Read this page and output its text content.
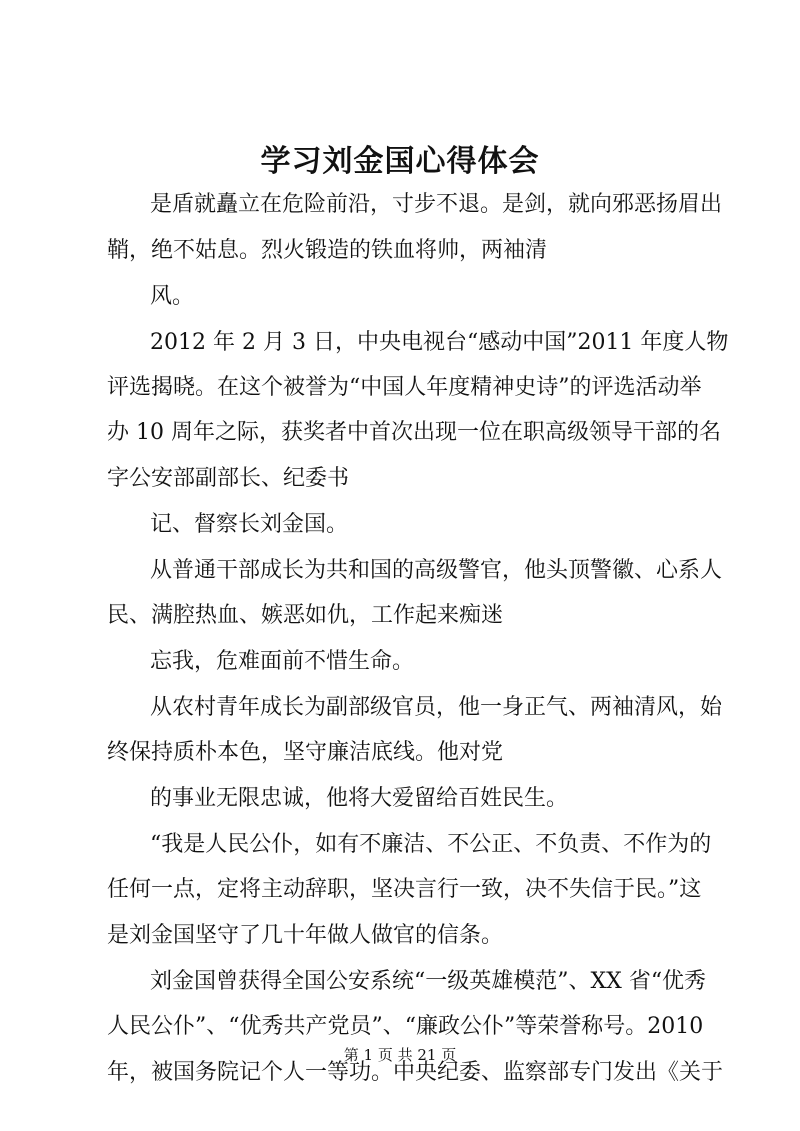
学习刘金国心得体会
是盾就矗立在危险前沿，寸步不退。是剑，就向邪恶扬眉出
鞘，绝不姑息。烈火锻造的铁血将帅，两袖清
风。
2012 年 2 月 3 日，中央电视台“感动中国”2011 年度人物
评选揭晓。在这个被誉为“中国人年度精神史诗”的评选活动举
办 10 周年之际，获奖者中首次出现一位在职高级领导干部的名
字公安部副部长、纪委书
记、督察长刘金国。
从普通干部成长为共和国的高级警官，他头顶警徽、心系人
民、满腔热血、嫉恶如仇，工作起来痴迷
忘我，危难面前不惜生命。
从农村青年成长为副部级官员，他一身正气、两袖清风，始
终保持质朴本色，坚守廉洁底线。他对党
的事业无限忠诚，他将大爱留给百姓民生。
“我是人民公仆，如有不廉洁、不公正、不负责、不作为的
任何一点，定将主动辞职，坚决言行一致，决不失信于民。”这
是刘金国坚守了几十年做人做官的信条。
刘金国曾获得全国公安系统“一级英雄模范”、XX 省“优秀
人民公仆”、“优秀共产党员”、“廉政公仆”等荣誉称号。2010
年，被国务院记个人一等功。中央纪委、监察部专门发出《关于
第 1 页 共 21 页
